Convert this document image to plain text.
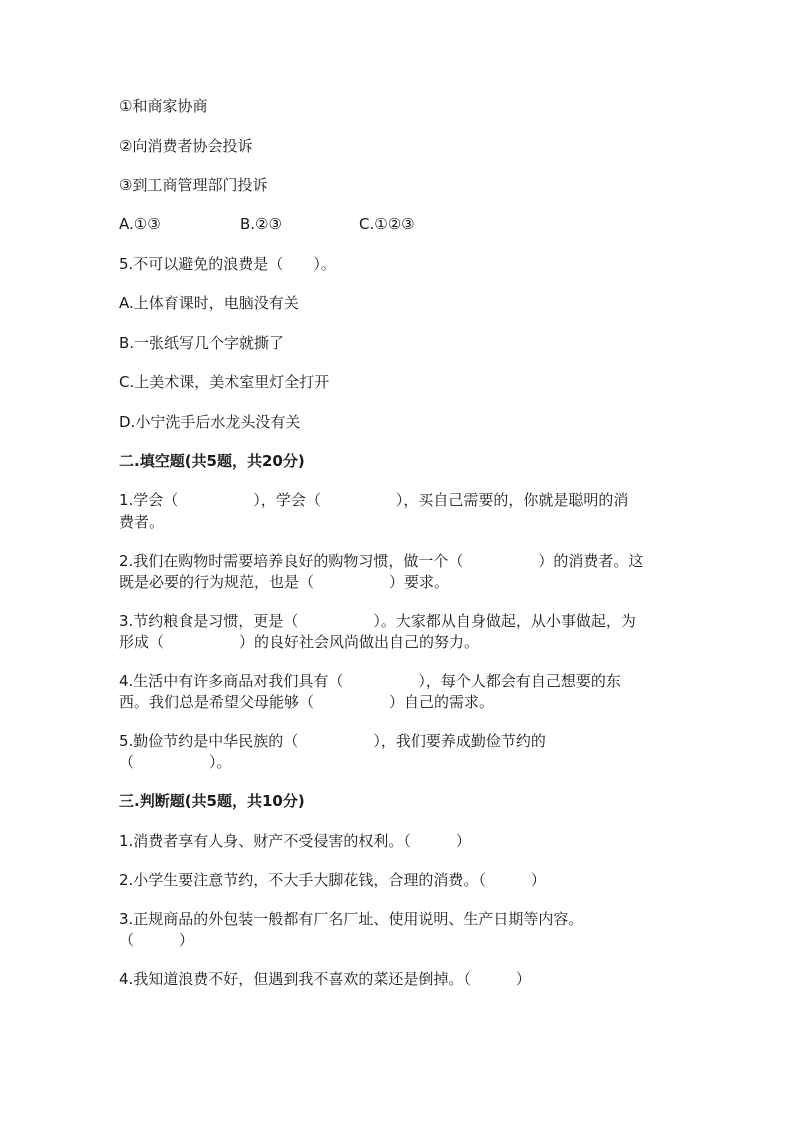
①和商家协商
②向消费者协会投诉
③到工商管理部门投诉
A.①③	B.②③	C.①②③
5.不可以避免的浪费是（　　）。
A.上体育课时，电脑没有关
B.一张纸写几个字就撕了
C.上美术课，美术室里灯全打开
D.小宁洗手后水龙头没有关
二.填空题(共5题，共20分)
1.学会（　　　　　），学会（　　　　　），买自己需要的，你就是聪明的消
费者。
2.我们在购物时需要培养良好的购物习惯，做一个（　　　　　）的消费者。这
既是必要的行为规范，也是（　　　　　）要求。
3.节约粮食是习惯，更是（　　　　　）。大家都从自身做起，从小事做起，为
形成（　　　　　）的良好社会风尚做出自己的努力。
4.生活中有许多商品对我们具有（　　　　　），每个人都会有自己想要的东
西。我们总是希望父母能够（　　　　　）自己的需求。
5.勤俭节约是中华民族的（　　　　　），我们要养成勤俭节约的
（　　　　　）。
三.判断题(共5题，共10分)
1.消费者享有人身、财产不受侵害的权利。（　　　）
2.小学生要注意节约，不大手大脚花钱，合理的消费。（　　　）
3.正规商品的外包装一般都有厂名厂址、使用说明、生产日期等内容。
（　　　）
4.我知道浪费不好，但遇到我不喜欢的菜还是倒掉。（　　　）
